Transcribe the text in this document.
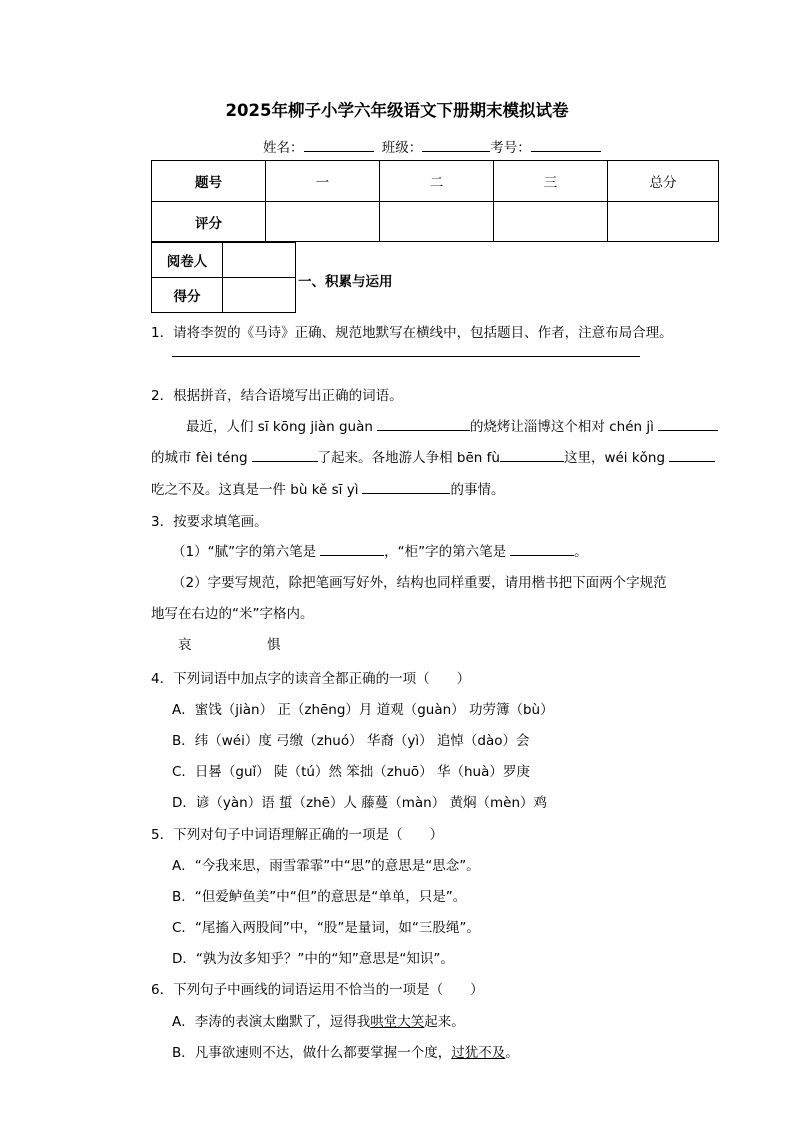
2025年柳子小学六年级语文下册期末模拟试卷
姓名：	班级：	考号：
题号	一	二	三	总分
评分				
阅卷人	
得分	
一、积累与运用
1．请将李贺的《马诗》正确、规范地默写在横线中，包括题目、作者，注意布局合理。
2．根据拼音，结合语境写出正确的词语。
最近，人们 sī kōng jiàn guàn	的烧烤让淄博这个相对 chén jì
的城市 fèi téng	了起来。各地游人争相 bēn fù	这里，wéi kǒng
吃之不及。这真是一件 bù kě sī yì	的事情。
3．按要求填笔画。
（1）“腻”字的第六笔是	，“柜”字的第六笔是	。
（2）字要写规范，除把笔画写好外，结构也同样重要，请用楷书把下面两个字规范
地写在右边的“米”字格内。
哀	惧
4．下列词语中加点字的读音全都正确的一项（　　）
A．蜜饯（jiàn） 正（zhēng）月 道观（guàn） 功劳簿（bù）
B．纬（wéi）度 弓缴（zhuó） 华裔（yì） 追悼（dào）会
C．日晷（guǐ） 陡（tú）然 笨拙（zhuō） 华（huà）罗庚
D．谚（yàn）语 蜇（zhē）人 藤蔓（màn） 黄焖（mèn）鸡
5．下列对句子中词语理解正确的一项是（　　）
A．“今我来思，雨雪霏霏”中“思”的意思是“思念”。
B．“但爱鲈鱼美”中“但”的意思是“单单，只是”。
C．“尾搐入两股间”中，“股”是量词，如“三股绳”。
D．“孰为汝多知乎？”中的“知”意思是“知识”。
6．下列句子中画线的词语运用不恰当的一项是（　　）
A．李涛的表演太幽默了，逗得我哄堂大笑起来。
B．凡事欲速则不达，做什么都要掌握一个度，过犹不及。
